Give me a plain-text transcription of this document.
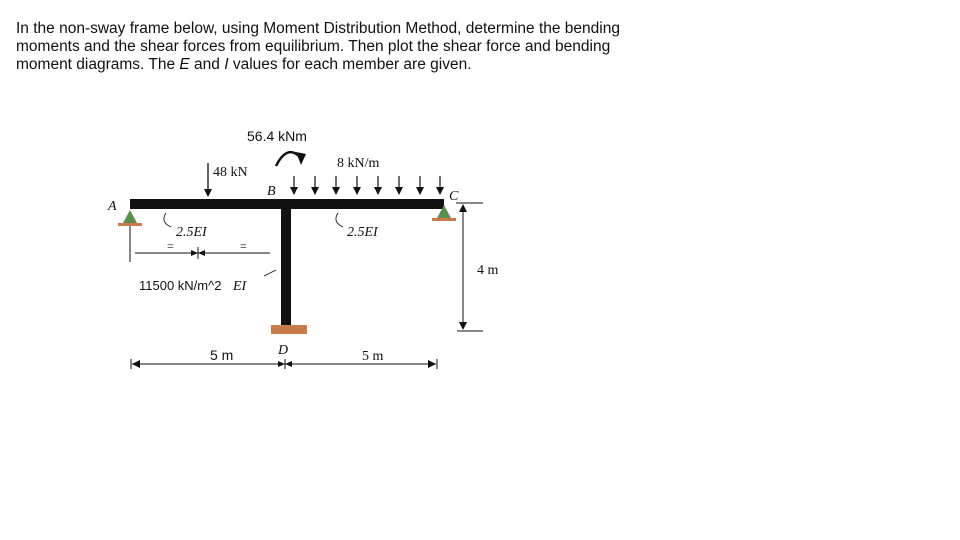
In the non-sway frame below, using Moment Distribution Method, determine the bending moments and the shear forces from equilibrium. Then plot the shear force and bending moment diagrams. The E and I values for each member are given.

48 kN
56.4 kNm
8 kN/m
A
B	C
D
2.5EI	2.5EI
11500 kN/m^2 EI
=	=
4 m
5 m	5 m
